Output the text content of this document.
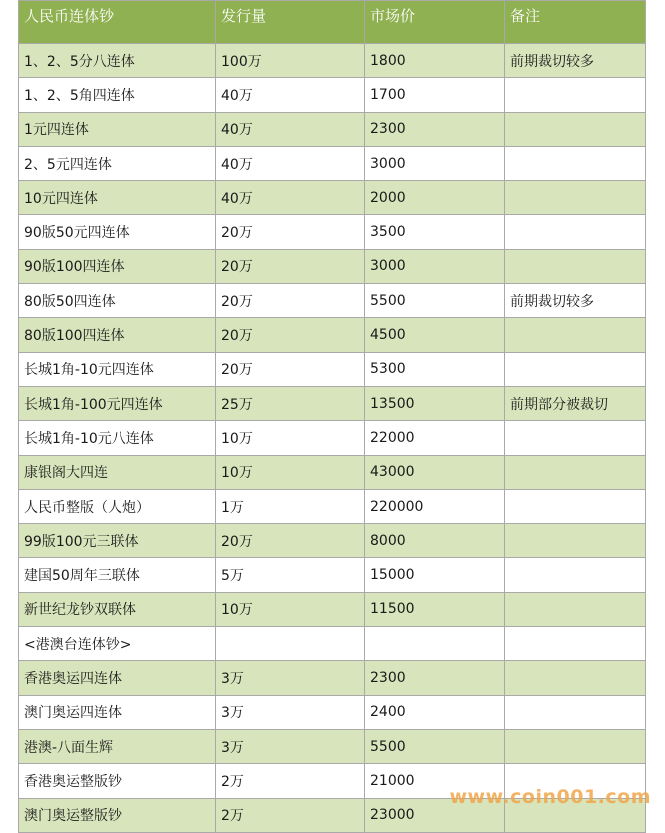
人民币连体钞	发行量	市场价	备注
1、2、5分八连体	100万	1800	前期裁切较多
1、2、5角四连体	40万	1700	
1元四连体	40万	2300	
2、5元四连体	40万	3000	
10元四连体	40万	2000	
90版50元四连体	20万	3500	
90版100四连体	20万	3000	
80版50四连体	20万	5500	前期裁切较多
80版100四连体	20万	4500	
长城1角-10元四连体	20万	5300	
长城1角-100元四连体	25万	13500	前期部分被裁切
长城1角-10元八连体	10万	22000	
康银阁大四连	10万	43000	
人民币整版（人炮）	1万	220000	
99版100元三联体	20万	8000	
建国50周年三联体	5万	15000	
新世纪龙钞双联体	10万	11500	
<港澳台连体钞>			
香港奥运四连体	3万	2300	
澳门奥运四连体	3万	2400	
港澳-八面生辉	3万	5500	
香港奥运整版钞	2万	21000	
澳门奥运整版钞	2万	23000	
www.coin001.com
